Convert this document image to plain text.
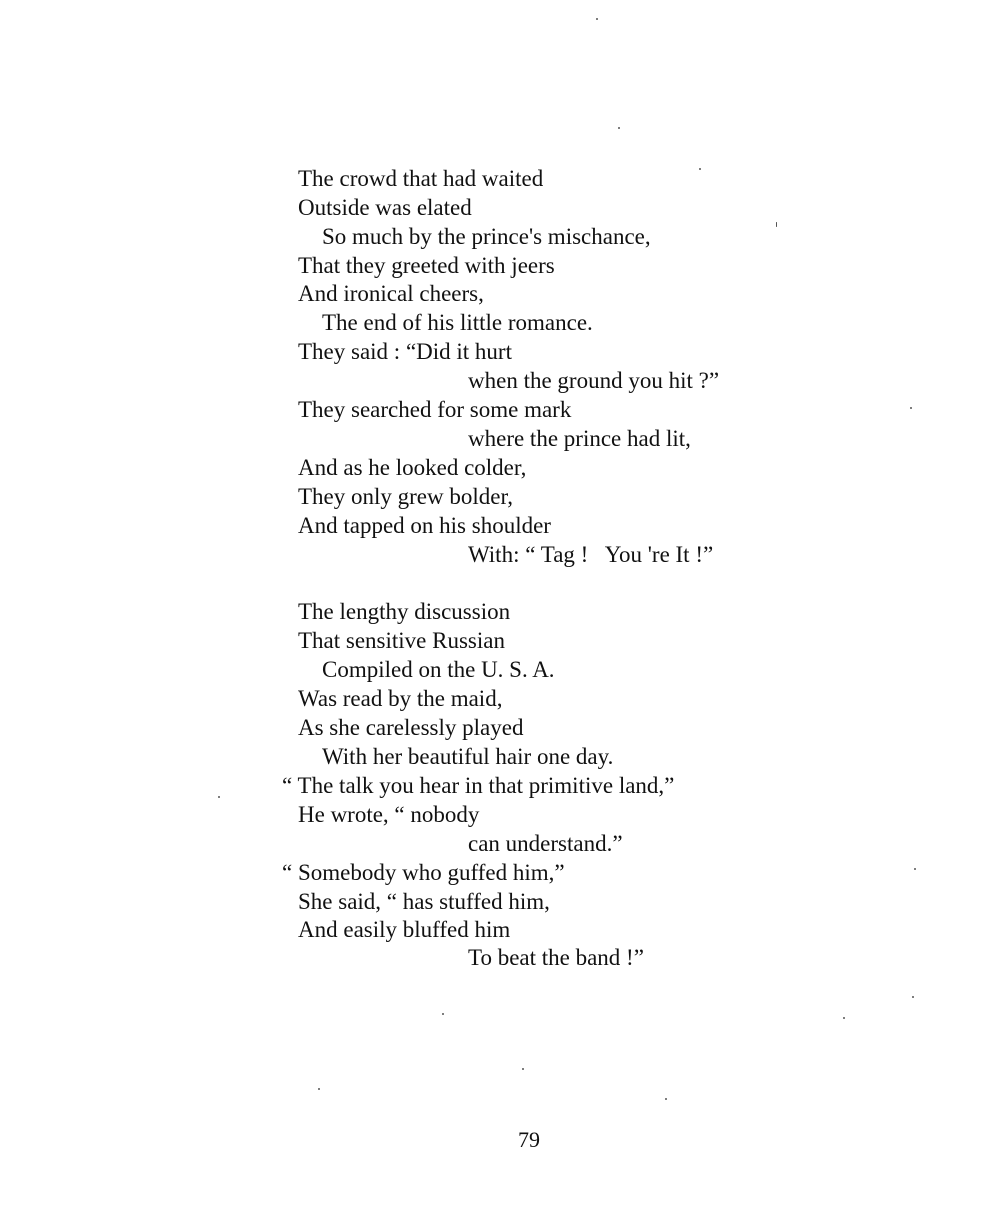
The crowd that had waited
Outside was elated
So much by the prince's mischance,
That they greeted with jeers
And ironical cheers,
The end of his little romance.
They said : “Did it hurt
when the ground you hit ?”
They searched for some mark
where the prince had lit,
And as he looked colder,
They only grew bolder,
And tapped on his shoulder
With: “ Tag !   You 're It !”
The lengthy discussion
That sensitive Russian
Compiled on the U. S. A.
Was read by the maid,
As she carelessly played
With her beautiful hair one day.
“ The talk you hear in that primitive land,”
He wrote, “ nobody
can understand.”
“ Somebody who guffed him,”
She said, “ has stuffed him,
And easily bluffed him
To beat the band !”
79
